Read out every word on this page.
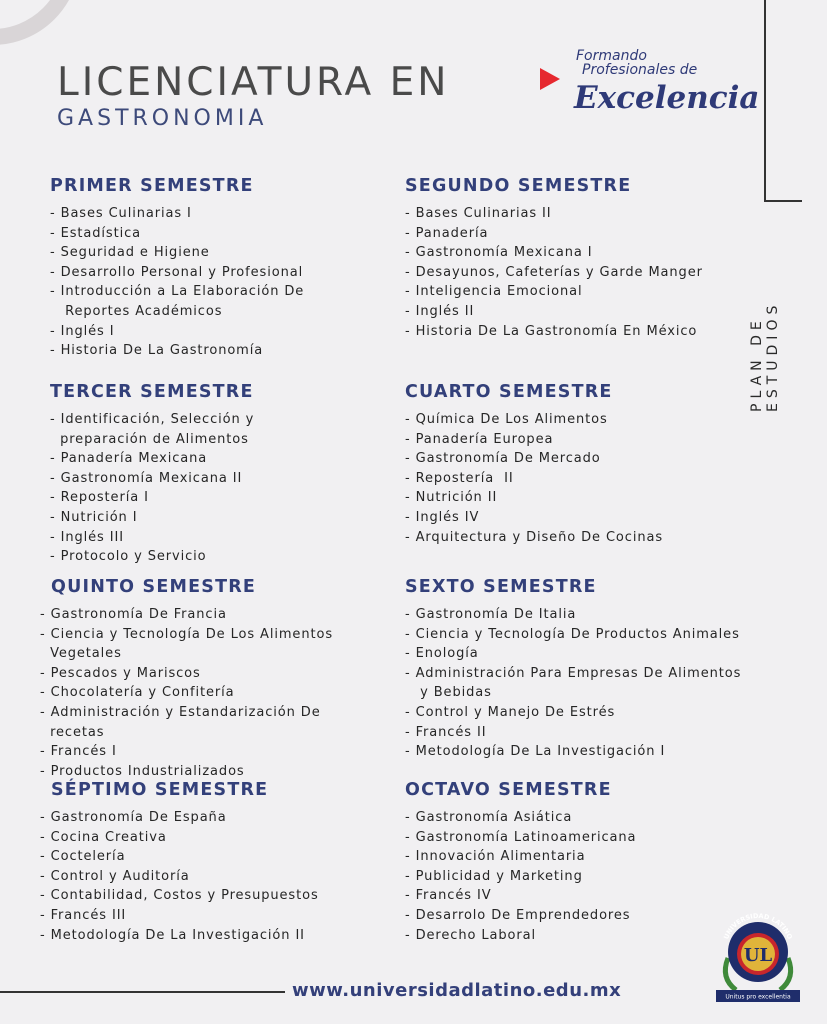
LICENCIATURA EN
GASTRONOMIA
Formando
Profesionales de
Excelencia
PLAN DE ESTUDIOS
PRIMER SEMESTRE
- Bases Culinarias I
- Estadística
- Seguridad e Higiene
- Desarrollo Personal y Profesional
- Introducción a La Elaboración De
Reportes Académicos
- Inglés I
- Historia De La Gastronomía
SEGUNDO SEMESTRE
- Bases Culinarias II
- Panadería
- Gastronomía Mexicana I
- Desayunos, Cafeterías y Garde Manger
- Inteligencia Emocional
- Inglés II
- Historia De La Gastronomía En México
TERCER SEMESTRE
- Identificación, Selección y
preparación de Alimentos
- Panadería Mexicana
- Gastronomía Mexicana II
- Repostería I
- Nutrición I
- Inglés III
- Protocolo y Servicio
CUARTO SEMESTRE
- Química De Los Alimentos
- Panadería Europea
- Gastronomía De Mercado
- Repostería  II
- Nutrición II
- Inglés IV
- Arquitectura y Diseño De Cocinas
QUINTO SEMESTRE
- Gastronomía De Francia
- Ciencia y Tecnología De Los Alimentos
Vegetales
- Pescados y Mariscos
- Chocolatería y Confitería
- Administración y Estandarización De
recetas
- Francés I
- Productos Industrializados
SEXTO SEMESTRE
- Gastronomía De Italia
- Ciencia y Tecnología De Productos Animales
- Enología
- Administración Para Empresas De Alimentos
y Bebidas
- Control y Manejo De Estrés
- Francés II
- Metodología De La Investigación I
SÉPTIMO SEMESTRE
- Gastronomía De España
- Cocina Creativa
- Coctelería
- Control y Auditoría
- Contabilidad, Costos y Presupuestos
- Francés III
- Metodología De La Investigación II
OCTAVO SEMESTRE
- Gastronomía Asiática
- Gastronomía Latinoamericana
- Innovación Alimentaria
- Publicidad y Marketing
- Francés IV
- Desarrolo De Emprendedores
- Derecho Laboral
www.universidadlatino.edu.mx
UNIVERSIDAD LATINO
UL
Unitus pro excellentia
